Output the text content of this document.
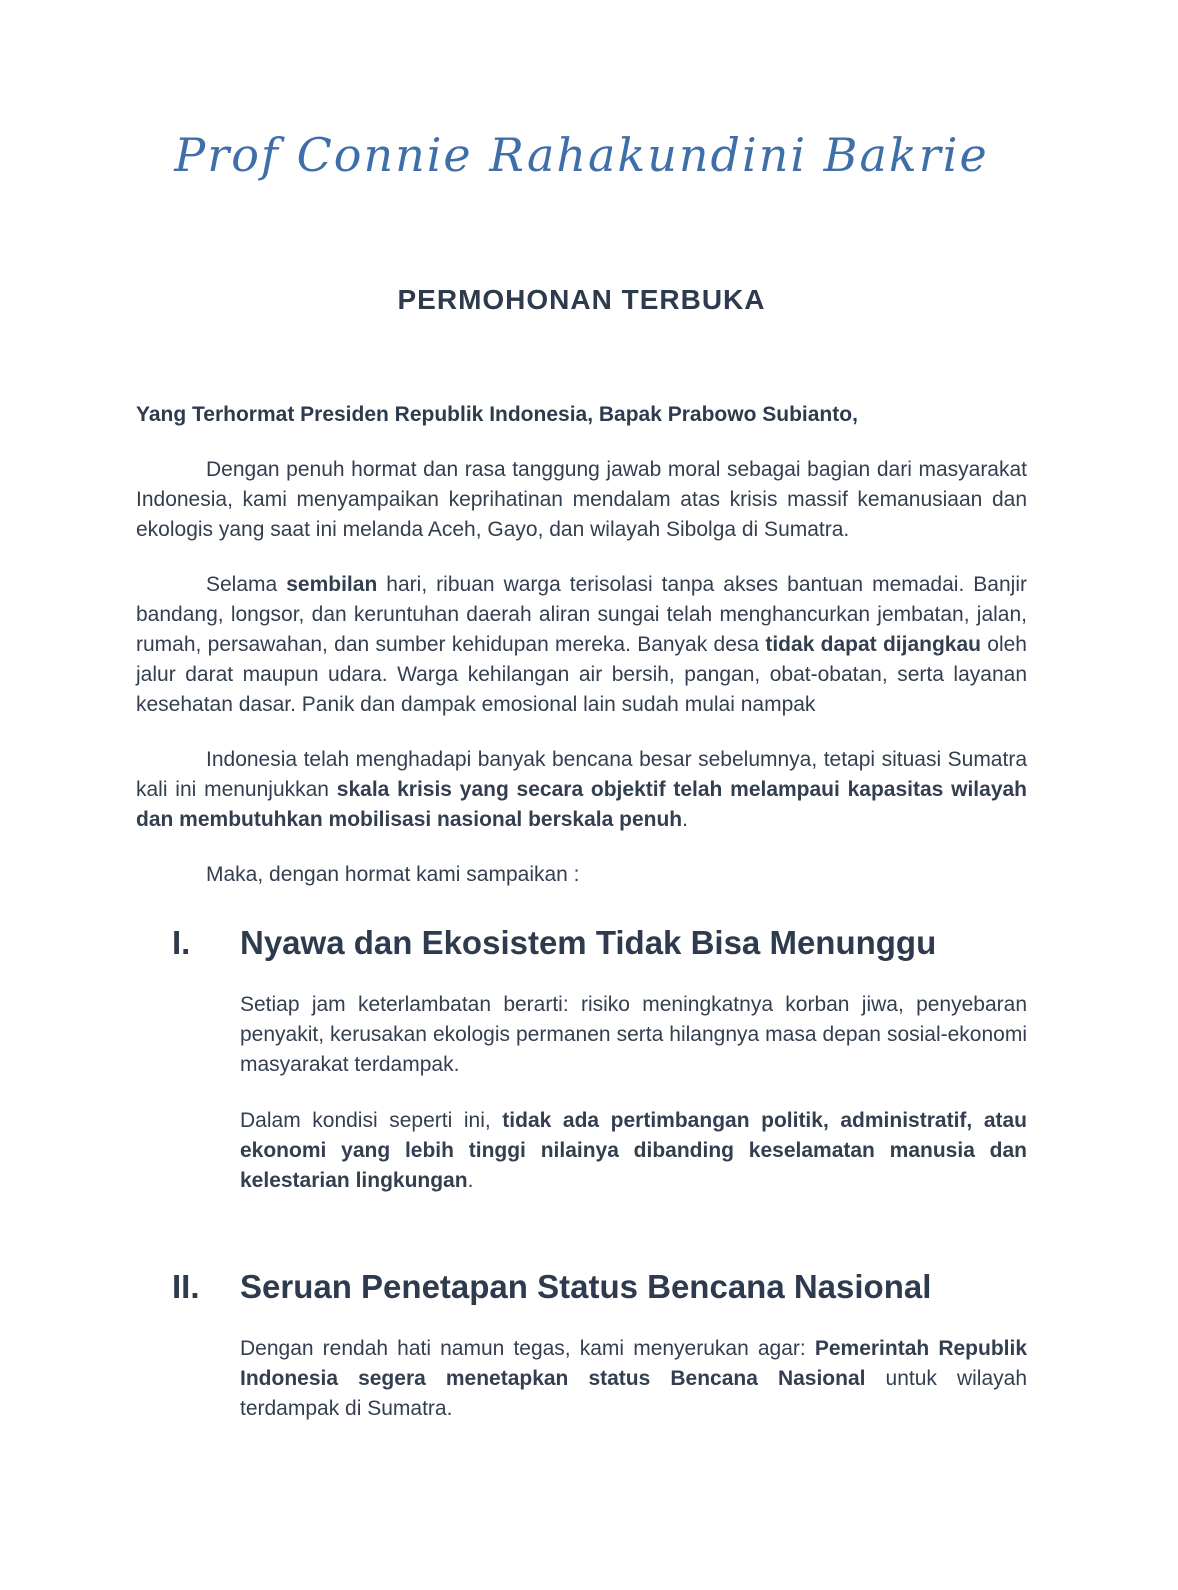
Prof Connie Rahakundini Bakrie
PERMOHONAN TERBUKA

Yang Terhormat Presiden Republik Indonesia, Bapak Prabowo Subianto,

Dengan penuh hormat dan rasa tanggung jawab moral sebagai bagian dari masyarakat Indonesia, kami menyampaikan keprihatinan mendalam atas krisis massif kemanusiaan dan ekologis yang saat ini melanda Aceh, Gayo, dan wilayah Sibolga di Sumatra.

Selama sembilan hari, ribuan warga terisolasi tanpa akses bantuan memadai. Banjir bandang, longsor, dan keruntuhan daerah aliran sungai telah menghancurkan jembatan, jalan, rumah, persawahan, dan sumber kehidupan mereka. Banyak desa tidak dapat dijangkau oleh jalur darat maupun udara. Warga kehilangan air bersih, pangan, obat-obatan, serta layanan kesehatan dasar. Panik dan dampak emosional lain sudah mulai nampak

Indonesia telah menghadapi banyak bencana besar sebelumnya, tetapi situasi Sumatra kali ini menunjukkan skala krisis yang secara objektif telah melampaui kapasitas wilayah dan membutuhkan mobilisasi nasional berskala penuh.

Maka, dengan hormat kami sampaikan :

I.	Nyawa dan Ekosistem Tidak Bisa Menunggu

Setiap jam keterlambatan berarti: risiko meningkatnya korban jiwa, penyebaran penyakit, kerusakan ekologis permanen serta hilangnya masa depan sosial-ekonomi masyarakat terdampak.

Dalam kondisi seperti ini, tidak ada pertimbangan politik, administratif, atau ekonomi yang lebih tinggi nilainya dibanding keselamatan manusia dan kelestarian lingkungan.

II.	Seruan Penetapan Status Bencana Nasional

Dengan rendah hati namun tegas, kami menyerukan agar: Pemerintah Republik Indonesia segera menetapkan status Bencana Nasional untuk wilayah terdampak di Sumatra.
